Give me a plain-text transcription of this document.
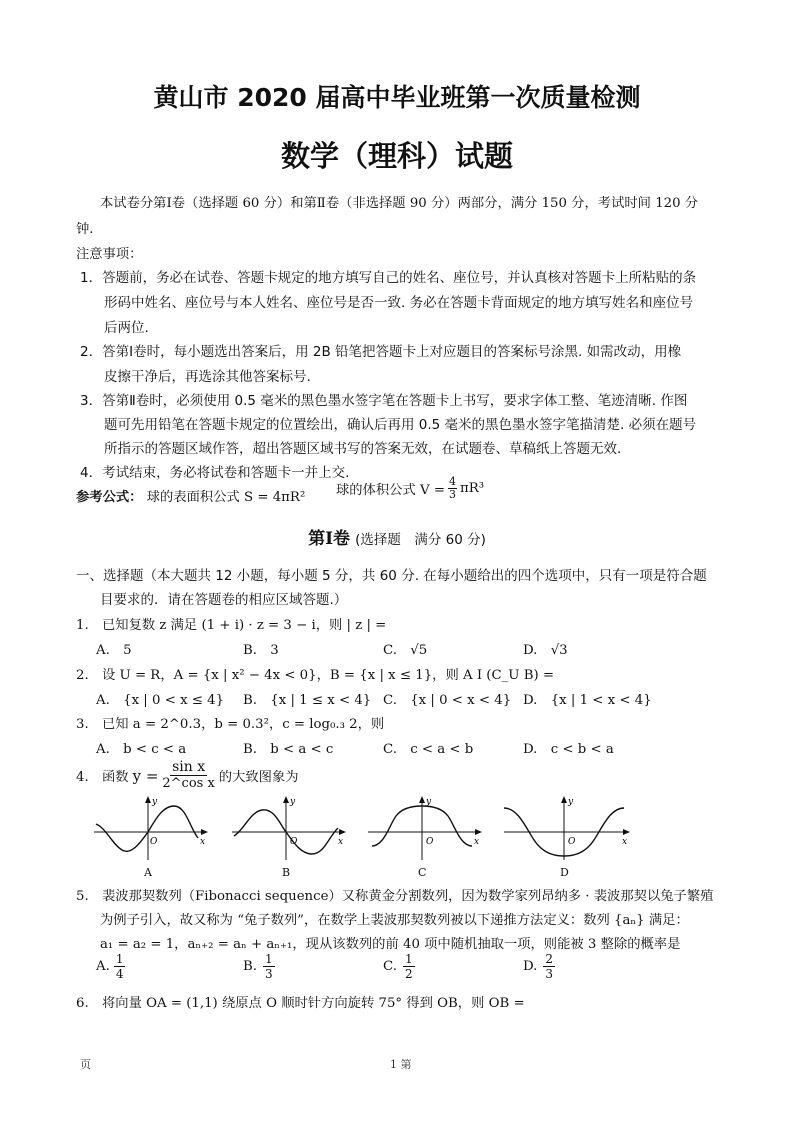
黄山市 2020 届高中毕业班第一次质量检测
数学（理科）试题
本试卷分第Ⅰ卷（选择题 60 分）和第Ⅱ卷（非选择题 90 分）两部分，满分 150 分，考试时间 120 分
钟.
注意事项：
1．答题前，务必在试卷、答题卡规定的地方填写自己的姓名、座位号，并认真核对答题卡上所粘贴的条
形码中姓名、座位号与本人姓名、座位号是否一致. 务必在答题卡背面规定的地方填写姓名和座位号
后两位.
2．答第Ⅰ卷时，每小题选出答案后，用 2B 铅笔把答题卡上对应题目的答案标号涂黑. 如需改动，用橡
皮擦干净后，再选涂其他答案标号.
3．答第Ⅱ卷时，必须使用 0.5 毫米的黑色墨水签字笔在答题卡上书写，要求字体工整、笔迹清晰. 作图
题可先用铅笔在答题卡规定的位置绘出，确认后再用 0.5 毫米的黑色墨水签字笔描清楚. 必须在题号
所指示的答题区域作答，超出答题区域书写的答案无效，在试题卷、草稿纸上答题无效.
4．考试结束，务必将试卷和答题卡一并上交.
参考公式： 球的表面积公式 S = 4πR² 球的体积公式 $V = \frac{4}{3} \pi R^3$
第Ⅰ卷 (选择题　满分 60 分)
一、选择题（本大题共 12 小题，每小题 5 分，共 60 分. 在每小题给出的四个选项中，只有一项是符合题
目要求的．请在答题卷的相应区域答题.）
1.　已知复数 z 满足 (1 + i) · z = 3 − i，则 | z | =
A.　5	B.　3	C.　√5	D.　√3
2.　设 U = R，A = {x | x² − 4x < 0}，B = {x | x ≤ 1}，则 A I (C_U B) =
A.　{x | 0 < x ≤ 4} B.　{x | 1 ≤ x < 4} C.　{x | 0 < x < 4} D.　{x | 1 < x < 4}
3.　已知 a = 2^0.3，b = 0.3²，c = log₀.₃ 2，则
A.　b < c < a	B.　b < a < c	C.　c < a < b	D.　c < b < a
4.　函数 $y = \frac{\text{sin x}}{\text{2\textasciicircum{}cos x}}$ 的大致图象为
y
x
O
y
x
O
y
x
O
y
x
O
A	B	C	D
5.　裴波那契数列（Fibonacci sequence）又称黄金分割数列，因为数学家列昂纳多 · 裴波那契以兔子繁殖
为例子引入，故又称为 “兔子数列”，在数学上裴波那契数列被以下递推方法定义：数列 {aₙ} 满足：
a₁ = a₂ = 1，aₙ₊₂ = aₙ + aₙ₊₁，现从该数列的前 40 项中随机抽取一项，则能被 3 整除的概率是
A. $\frac{1}{4}$	B. $\frac{1}{3}$	C. $\frac{1}{2}$	D. $\frac{2}{3}$
6.　将向量 OA = (1,1) 绕原点 O 顺时针方向旋转 75° 得到 OB，则 OB =
页	1 第
